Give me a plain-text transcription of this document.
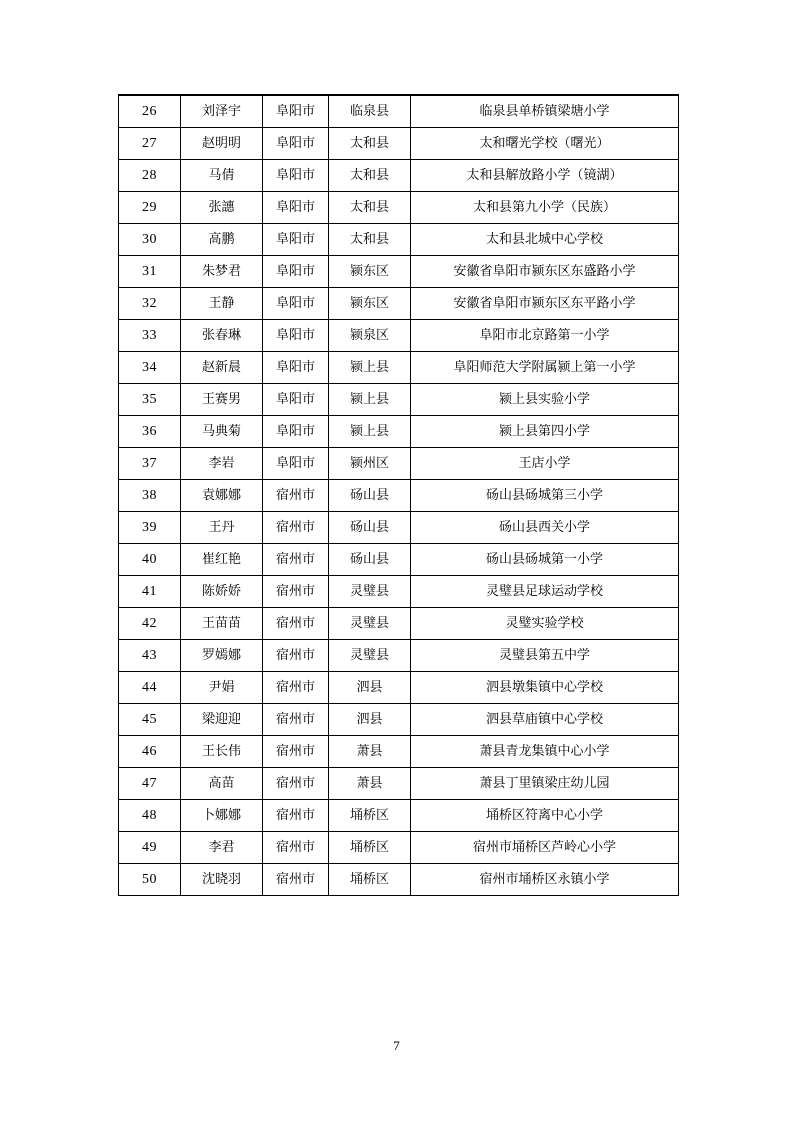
26	刘泽宇	阜阳市	临泉县	临泉县单桥镇梁塘小学
27	赵明明	阜阳市	太和县	太和曙光学校（曙光）
28	马倩	阜阳市	太和县	太和县解放路小学（镜湖）
29	张譓	阜阳市	太和县	太和县第九小学（民族）
30	高鹏	阜阳市	太和县	太和县北城中心学校
31	朱梦君	阜阳市	颍东区	安徽省阜阳市颍东区东盛路小学
32	王静	阜阳市	颍东区	安徽省阜阳市颍东区东平路小学
33	张春琳	阜阳市	颍泉区	阜阳市北京路第一小学
34	赵新晨	阜阳市	颍上县	阜阳师范大学附属颍上第一小学
35	王赛男	阜阳市	颍上县	颍上县实验小学
36	马典菊	阜阳市	颍上县	颍上县第四小学
37	李岩	阜阳市	颍州区	王店小学
38	袁娜娜	宿州市	砀山县	砀山县砀城第三小学
39	王丹	宿州市	砀山县	砀山县西关小学
40	崔红艳	宿州市	砀山县	砀山县砀城第一小学
41	陈娇娇	宿州市	灵璧县	灵璧县足球运动学校
42	王苗苗	宿州市	灵璧县	灵璧实验学校
43	罗嫣娜	宿州市	灵璧县	灵璧县第五中学
44	尹娟	宿州市	泗县	泗县墩集镇中心学校
45	梁迎迎	宿州市	泗县	泗县草庙镇中心学校
46	王长伟	宿州市	萧县	萧县青龙集镇中心小学
47	高苗	宿州市	萧县	萧县丁里镇梁庄幼儿园
48	卜娜娜	宿州市	埇桥区	埇桥区符离中心小学
49	李君	宿州市	埇桥区	宿州市埇桥区芦岭心小学
50	沈晓羽	宿州市	埇桥区	宿州市埇桥区永镇小学
7
